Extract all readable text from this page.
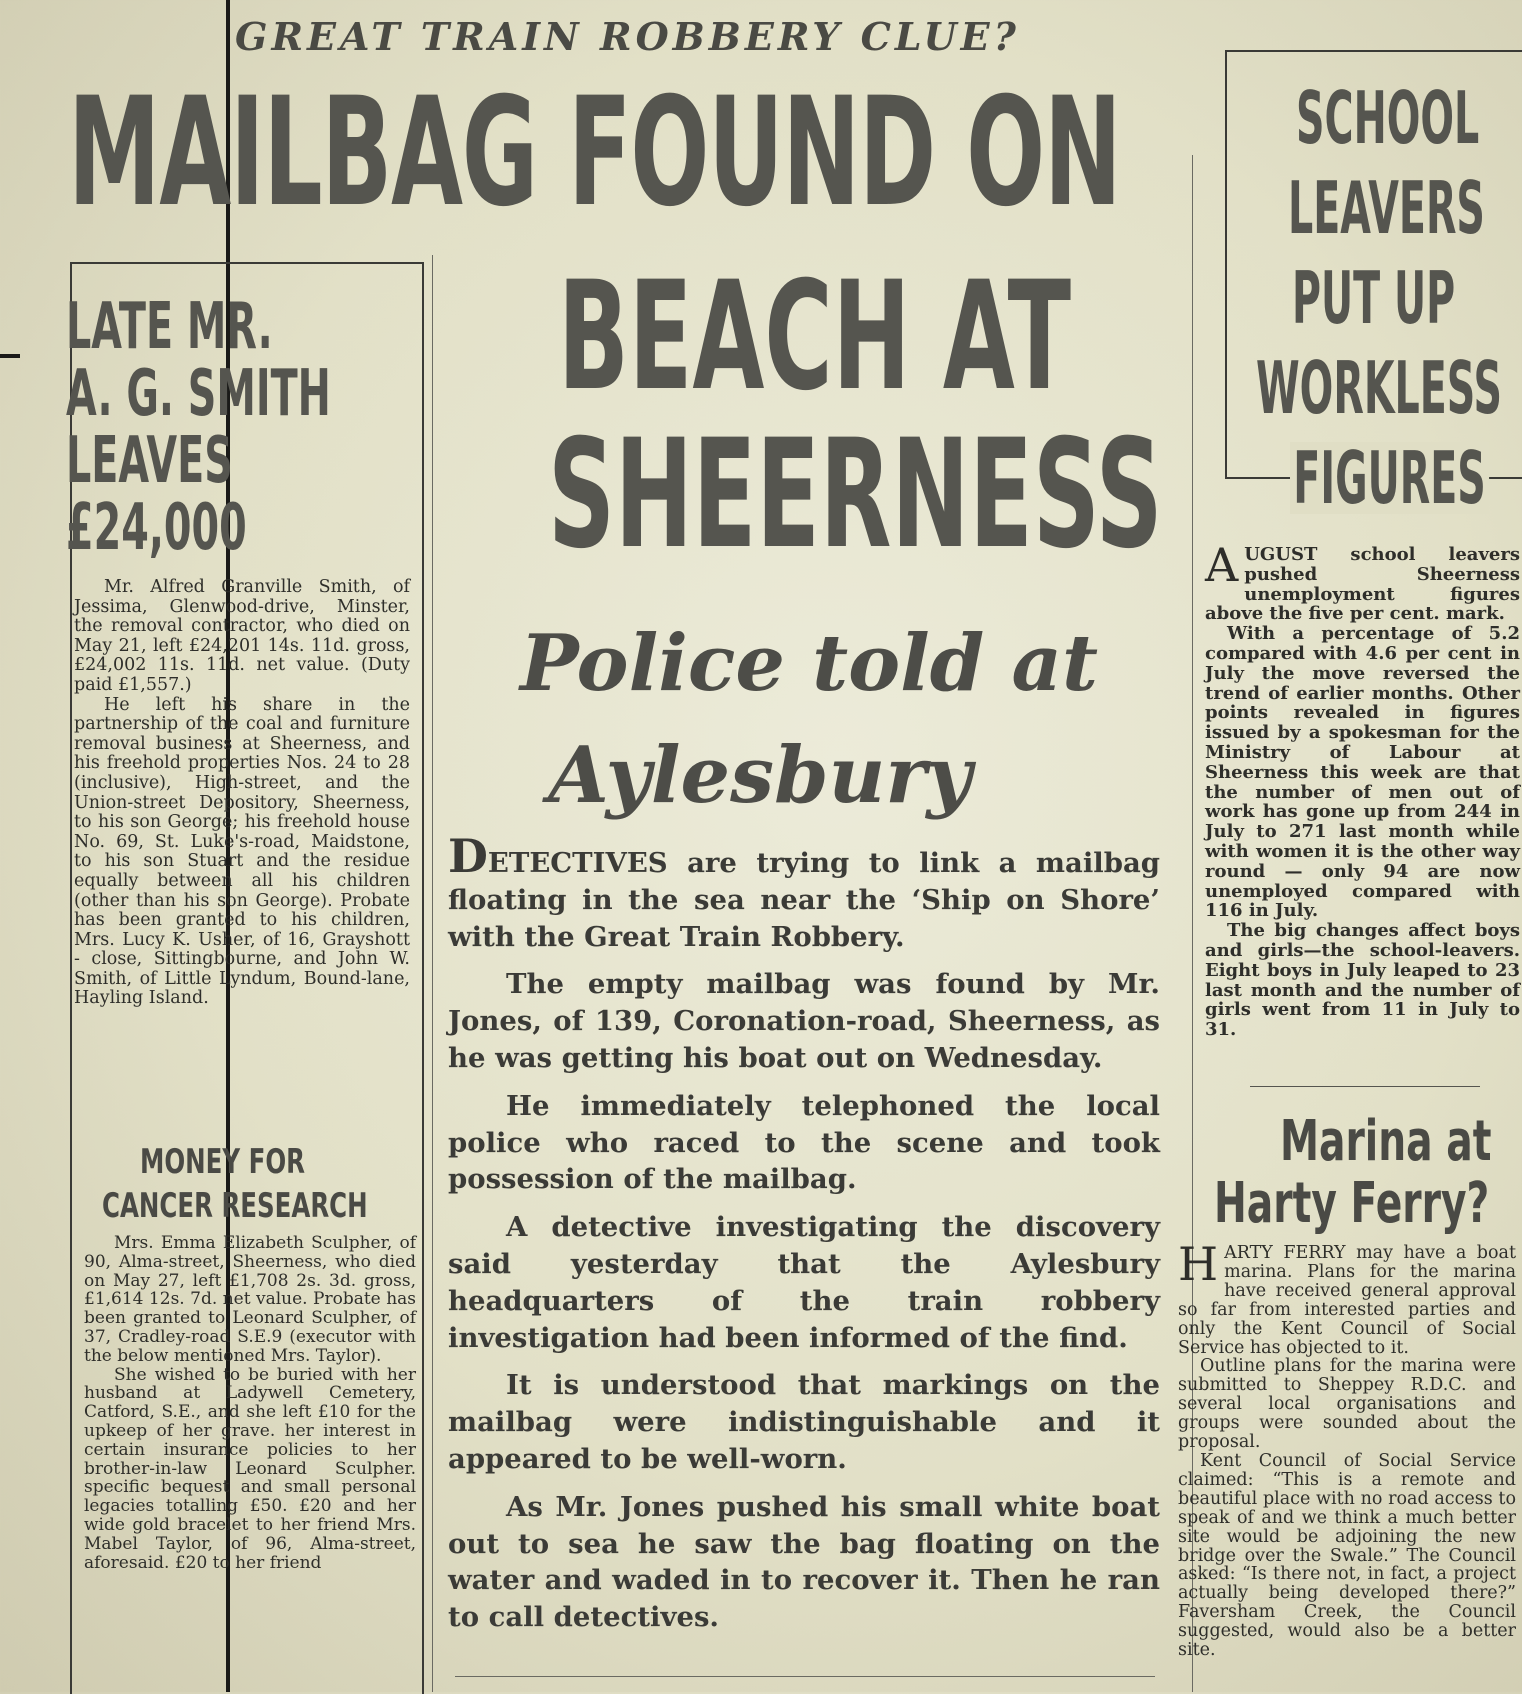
GREAT TRAIN ROBBERY CLUE?
MAILBAG FOUND ON
BEACH AT
SHEERNESS
Police told at
Aylesbury
LATE MR.
A. G. SMITH
LEAVES
£24,000

Mr. Alfred Granville Smith, of Jessima, Glenwood-drive, Minster, the removal contractor, who died on May 21, left £24,201 14s. 11d. gross, £24,002 11s. 11d. net value. (Duty paid £1,557.)

He left his share in the partnership of the coal and furniture removal business at Sheerness, and his freehold properties Nos. 24 to 28 (inclusive), High-street, and the Union-street Depository, Sheerness, to his son George; his freehold house No. 69, St. Luke's-road, Maidstone, to his son Stuart and the residue equally between all his children (other than his son George). Probate has been granted to his children, Mrs. Lucy K. Usher, of 16, Grayshott - close, Sittingbourne, and John W. Smith, of Little Lyndum, Bound-lane, Hayling Island.

MONEY FOR
CANCER RESEARCH

Mrs. Emma Elizabeth Sculpher, of 90, Alma-street, Sheerness, who died on May 27, left £1,708 2s. 3d. gross, £1,614 12s. 7d. net value. Probate has been granted to Leonard Sculpher, of 37, Cradley-road S.E.9 (executor with the below mentioned Mrs. Taylor).

She wished to be buried with her husband at Ladywell Cemetery, Catford, S.E., and she left £10 for the upkeep of her grave. her interest in certain insurance policies to her brother-in-law Leonard Sculpher. specific bequest and small personal legacies totalling £50. £20 and her wide gold bracelet to her friend Mrs. Mabel Taylor, of 96, Alma-street, aforesaid. £20 to her friend

DETECTIVES are trying to link a mailbag floating in the sea near the ‘Ship on Shore’ with the Great Train Robbery.

The empty mailbag was found by Mr. Jones, of 139, Coronation-road, Sheerness, as he was getting his boat out on Wednesday.

He immediately telephoned the local police who raced to the scene and took possession of the mailbag.

A detective investigating the discovery said yesterday that the Aylesbury headquarters of the train robbery investigation had been informed of the find.

It is understood that markings on the mailbag were indistinguishable and it appeared to be well-worn.

As Mr. Jones pushed his small white boat out to sea he saw the bag floating on the water and waded in to recover it. Then he ran to call detectives.

SCHOOL
LEAVERS
PUT UP
WORKLESS
FIGURES

AUGUST school leavers pushed Sheerness unemployment figures above the five per cent. mark.

With a percentage of 5.2 compared with 4.6 per cent in July the move reversed the trend of earlier months. Other points revealed in figures issued by a spokesman for the Ministry of Labour at Sheerness this week are that the number of men out of work has gone up from 244 in July to 271 last month while with women it is the other way round — only 94 are now unemployed compared with 116 in July.

The big changes affect boys and girls—the school-leavers. Eight boys in July leaped to 23 last month and the number of girls went from 11 in July to 31.

Marina at
Harty Ferry?

HARTY FERRY may have a boat marina. Plans for the marina have received general approval so far from interested parties and only the Kent Council of Social Service has objected to it.

Outline plans for the marina were submitted to Sheppey R.D.C. and several local organisations and groups were sounded about the proposal.

Kent Council of Social Service claimed: “This is a remote and beautiful place with no road access to speak of and we think a much better site would be adjoining the new bridge over the Swale.” The Council asked: “Is there not, in fact, a project actually being developed there?” Faversham Creek, the Council suggested, would also be a better site.
